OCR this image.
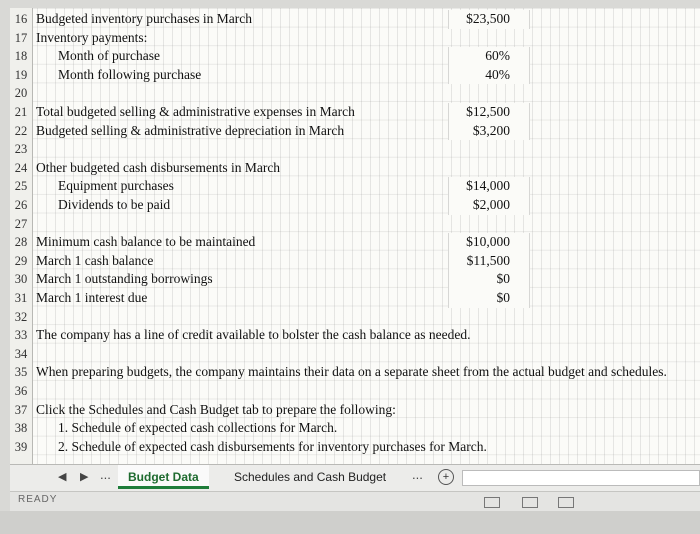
16 Budgeted inventory purchases in March	$23,500
17 Inventory payments:
18	Month of purchase	60%
19	Month following purchase	40%
20
21 Total budgeted selling & administrative expenses in March	$12,500
22 Budgeted selling & administrative depreciation in March	$3,200
23
24 Other budgeted cash disbursements in March
25	Equipment purchases	$14,000
26	Dividends to be paid	$2,000
27
28 Minimum cash balance to be maintained	$10,000
29 March 1 cash balance	$11,500
30 March 1 outstanding borrowings	$0
31 March 1 interest due	$0
32
33 The company has a line of credit available to bolster the cash balance as needed.
34
35 When preparing budgets, the company maintains their data on a separate sheet from the actual budget and schedules.
36
37 Click the Schedules and Cash Budget tab to prepare the following:
38	1. Schedule of expected cash collections for March.
39	2. Schedule of expected cash disbursements for inventory purchases for March.
◀ ▶ ...	Budget Data	Schedules and Cash Budget	...	+
READY
